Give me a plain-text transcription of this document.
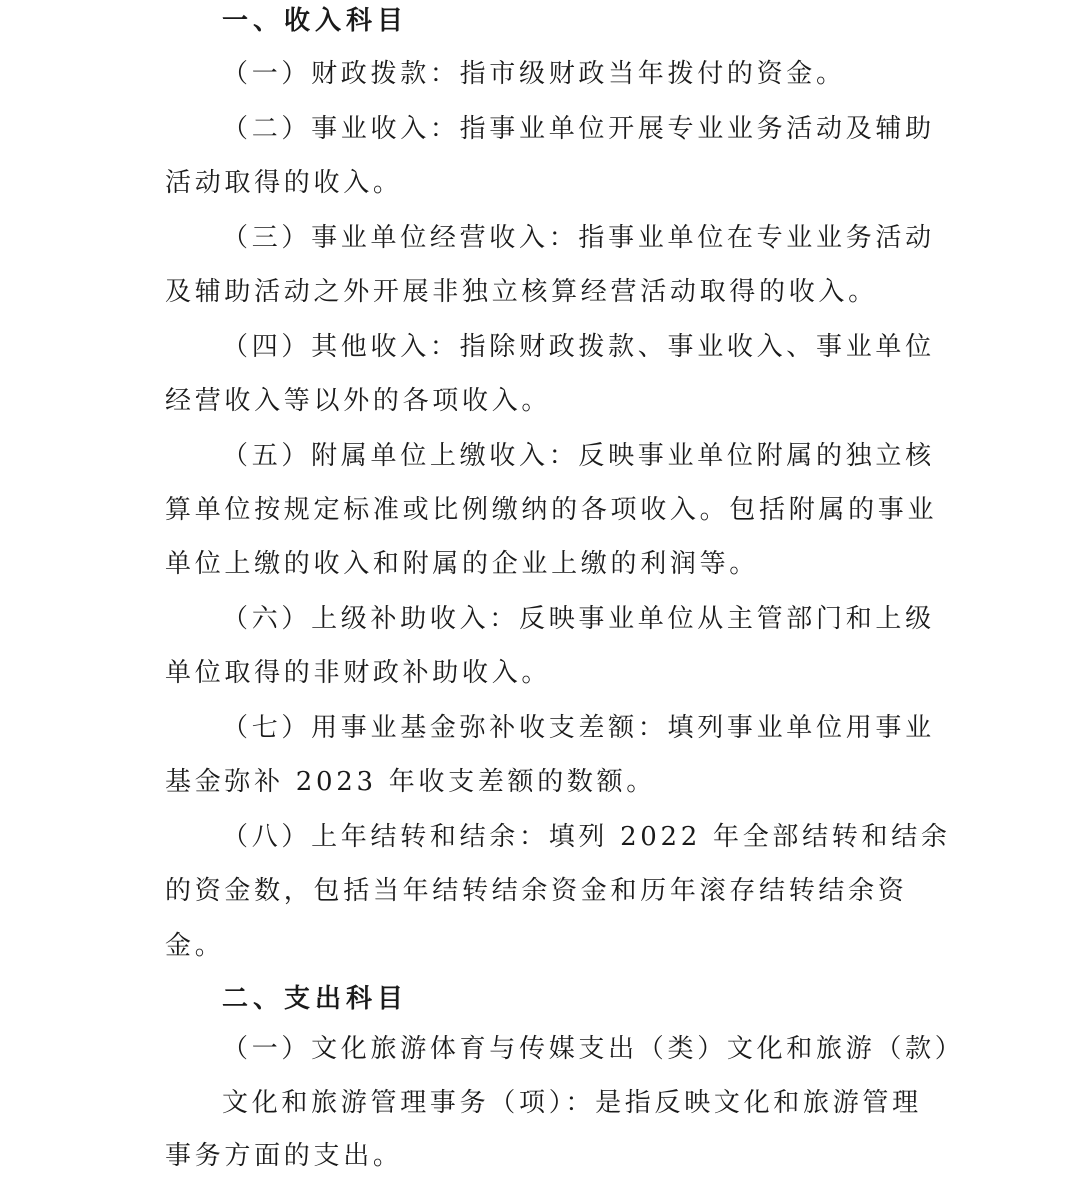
一、收入科目
（一）财政拨款：指市级财政当年拨付的资金。
（二）事业收入：指事业单位开展专业业务活动及辅助
活动取得的收入。
（三）事业单位经营收入：指事业单位在专业业务活动
及辅助活动之外开展非独立核算经营活动取得的收入。
（四）其他收入：指除财政拨款、事业收入、事业单位
经营收入等以外的各项收入。
（五）附属单位上缴收入：反映事业单位附属的独立核
算单位按规定标准或比例缴纳的各项收入。包括附属的事业
单位上缴的收入和附属的企业上缴的利润等。
（六）上级补助收入：反映事业单位从主管部门和上级
单位取得的非财政补助收入。
（七）用事业基金弥补收支差额：填列事业单位用事业
基金弥补 2023 年收支差额的数额。
（八）上年结转和结余：填列 2022 年全部结转和结余
的资金数，包括当年结转结余资金和历年滚存结转结余资
金。
二、支出科目
（一）文化旅游体育与传媒支出（类）文化和旅游（款）
文化和旅游管理事务（项）：是指反映文化和旅游管理
事务方面的支出。
